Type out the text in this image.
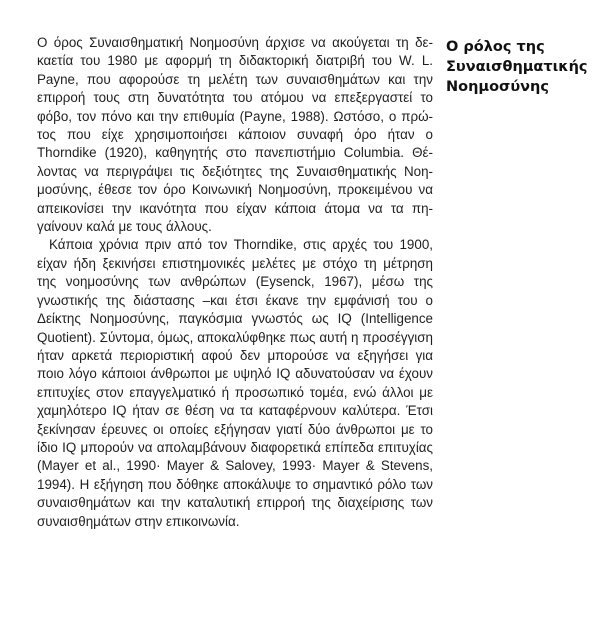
Ο όρος Συναισθηματική Νοημοσύνη άρχισε να ακούγεται τη δεκαετία του 1980 με αφορμή τη διδακτορική διατριβή του W. L. Payne, που αφορούσε τη μελέτη των συναισθημάτων και την επιρροή τους στη δυνατότητα του ατόμου να επεξεργαστεί το φόβο, τον πόνο και την επιθυμία (Payne, 1988). Ωστόσο, ο πρώτος που είχε χρησιμοποιήσει κάποιον συναφή όρο ήταν ο Thorndike (1920), καθηγητής στο πανεπιστήμιο Columbia. Θέλοντας να περιγράψει τις δεξιότητες της Συναισθηματικής Νοημοσύνης, έθεσε τον όρο Κοινωνική Νοημοσύνη, προκειμένου να απεικονίσει την ικανότητα που είχαν κάποια άτομα να τα πηγαίνουν καλά με τους άλλους.

Κάποια χρόνια πριν από τον Thorndike, στις αρχές του 1900, είχαν ήδη ξεκινήσει επιστημονικές μελέτες με στόχο τη μέτρηση της νοημοσύνης των ανθρώπων (Eysenck, 1967), μέσω της γνωστικής της διάστασης –και έτσι έκανε την εμφάνισή του ο Δείκτης Νοημοσύνης, παγκόσμια γνωστός ως IQ (Intelligence Quotient). Σύντομα, όμως, αποκαλύφθηκε πως αυτή η προσέγγιση ήταν αρκετά περιοριστική αφού δεν μπορούσε να εξηγήσει για ποιο λόγο κάποιοι άνθρωποι με υψηλό IQ αδυνατούσαν να έχουν επιτυχίες στον επαγγελματικό ή προσωπικό τομέα, ενώ άλλοι με χαμηλότερο IQ ήταν σε θέση να τα καταφέρνουν καλύτερα. Έτσι ξεκίνησαν έρευνες οι οποίες εξήγησαν γιατί δύο άνθρωποι με το ίδιο IQ μπορούν να απολαμβάνουν διαφορετικά επίπεδα επιτυχίας (Mayer et al., 1990· Mayer & Salovey, 1993· Mayer & Stevens, 1994). Η εξήγηση που δόθηκε αποκάλυψε το σημαντικό ρόλο των συναισθημάτων και την καταλυτική επιρροή της διαχείρισης των συναισθημάτων στην επικοινωνία.

Ο ρόλος της Συναισθηματικής Νοημοσύνης
